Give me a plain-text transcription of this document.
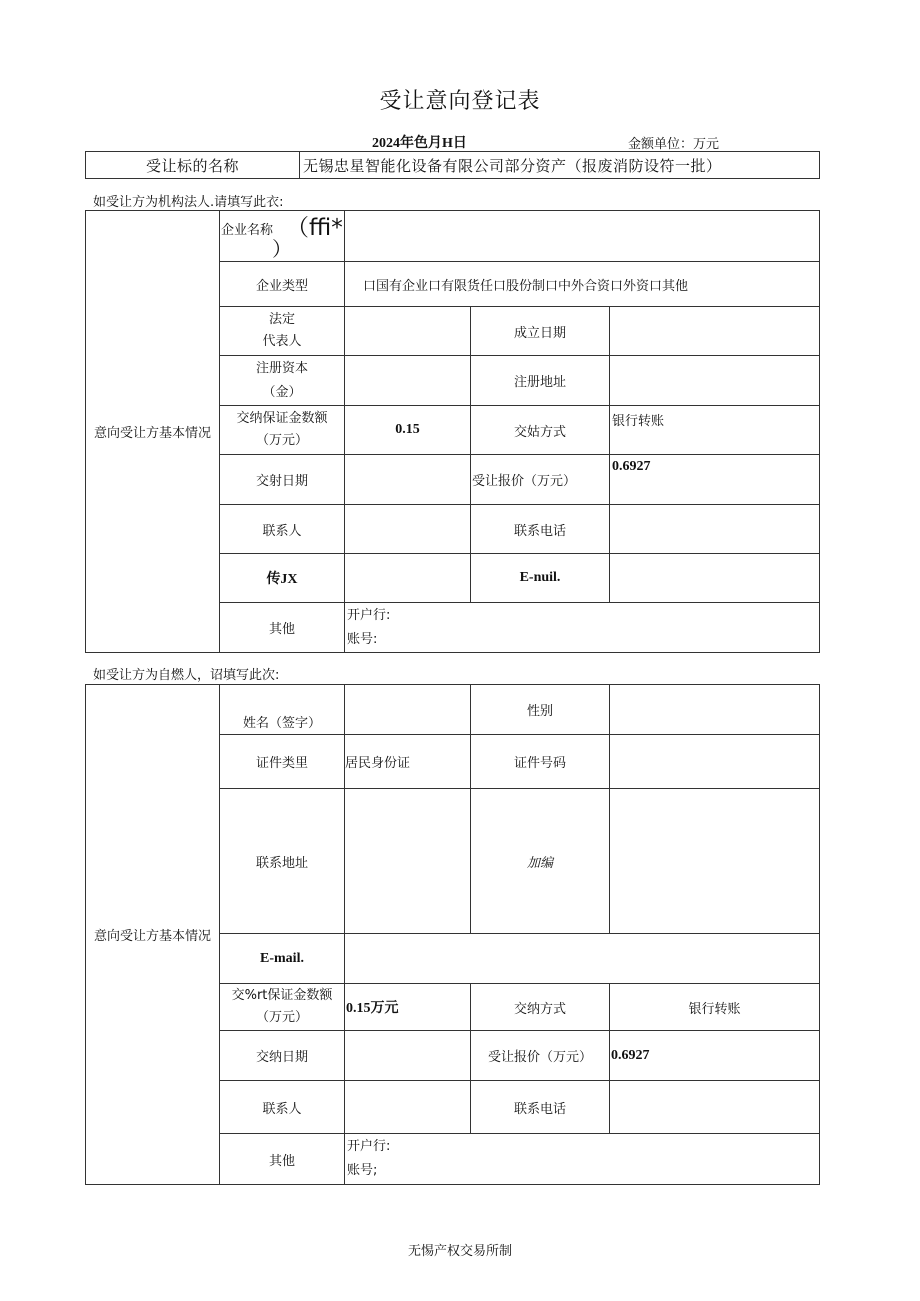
受让意向登记表
2024年色月H日	金额单位：万元
受让标的名称	无锡忠星智能化设备有限公司部分资产（报废消防设符一批）
如受让方为机构法人.请填写此衣:
意向受让方基本情况	企业名称 （ffi*
）			

	企业类型	口国有企业口有限货任口股份制口中外合资口外资口其他		

	法定
代表人		成立日期	

	注册资本
（金）		注册地址	

	交纳保证金数额
（万元）	0.15	交姑方式	银行转账
	交射日期		受让报价（万元）	0.6927
	联系人		联系电话	
	传JX		E-nuil.	
	其他	开户行:
账号:		
如受让方为自燃人，诏填写此次:
意向受让方基本情况	姓名（签字）		性别	
	证件类里	居民身份证	证件号码	
	联系地址		加编	
	E-mail.			

	交%rt保证金数额
（万元）	0.15万元	交纳方式	银行转账
	交纳日期		受让报价（万元）	0.6927
	联系人		联系电话	
	其他	开户行:
账号;		
无惕产权交易所制
